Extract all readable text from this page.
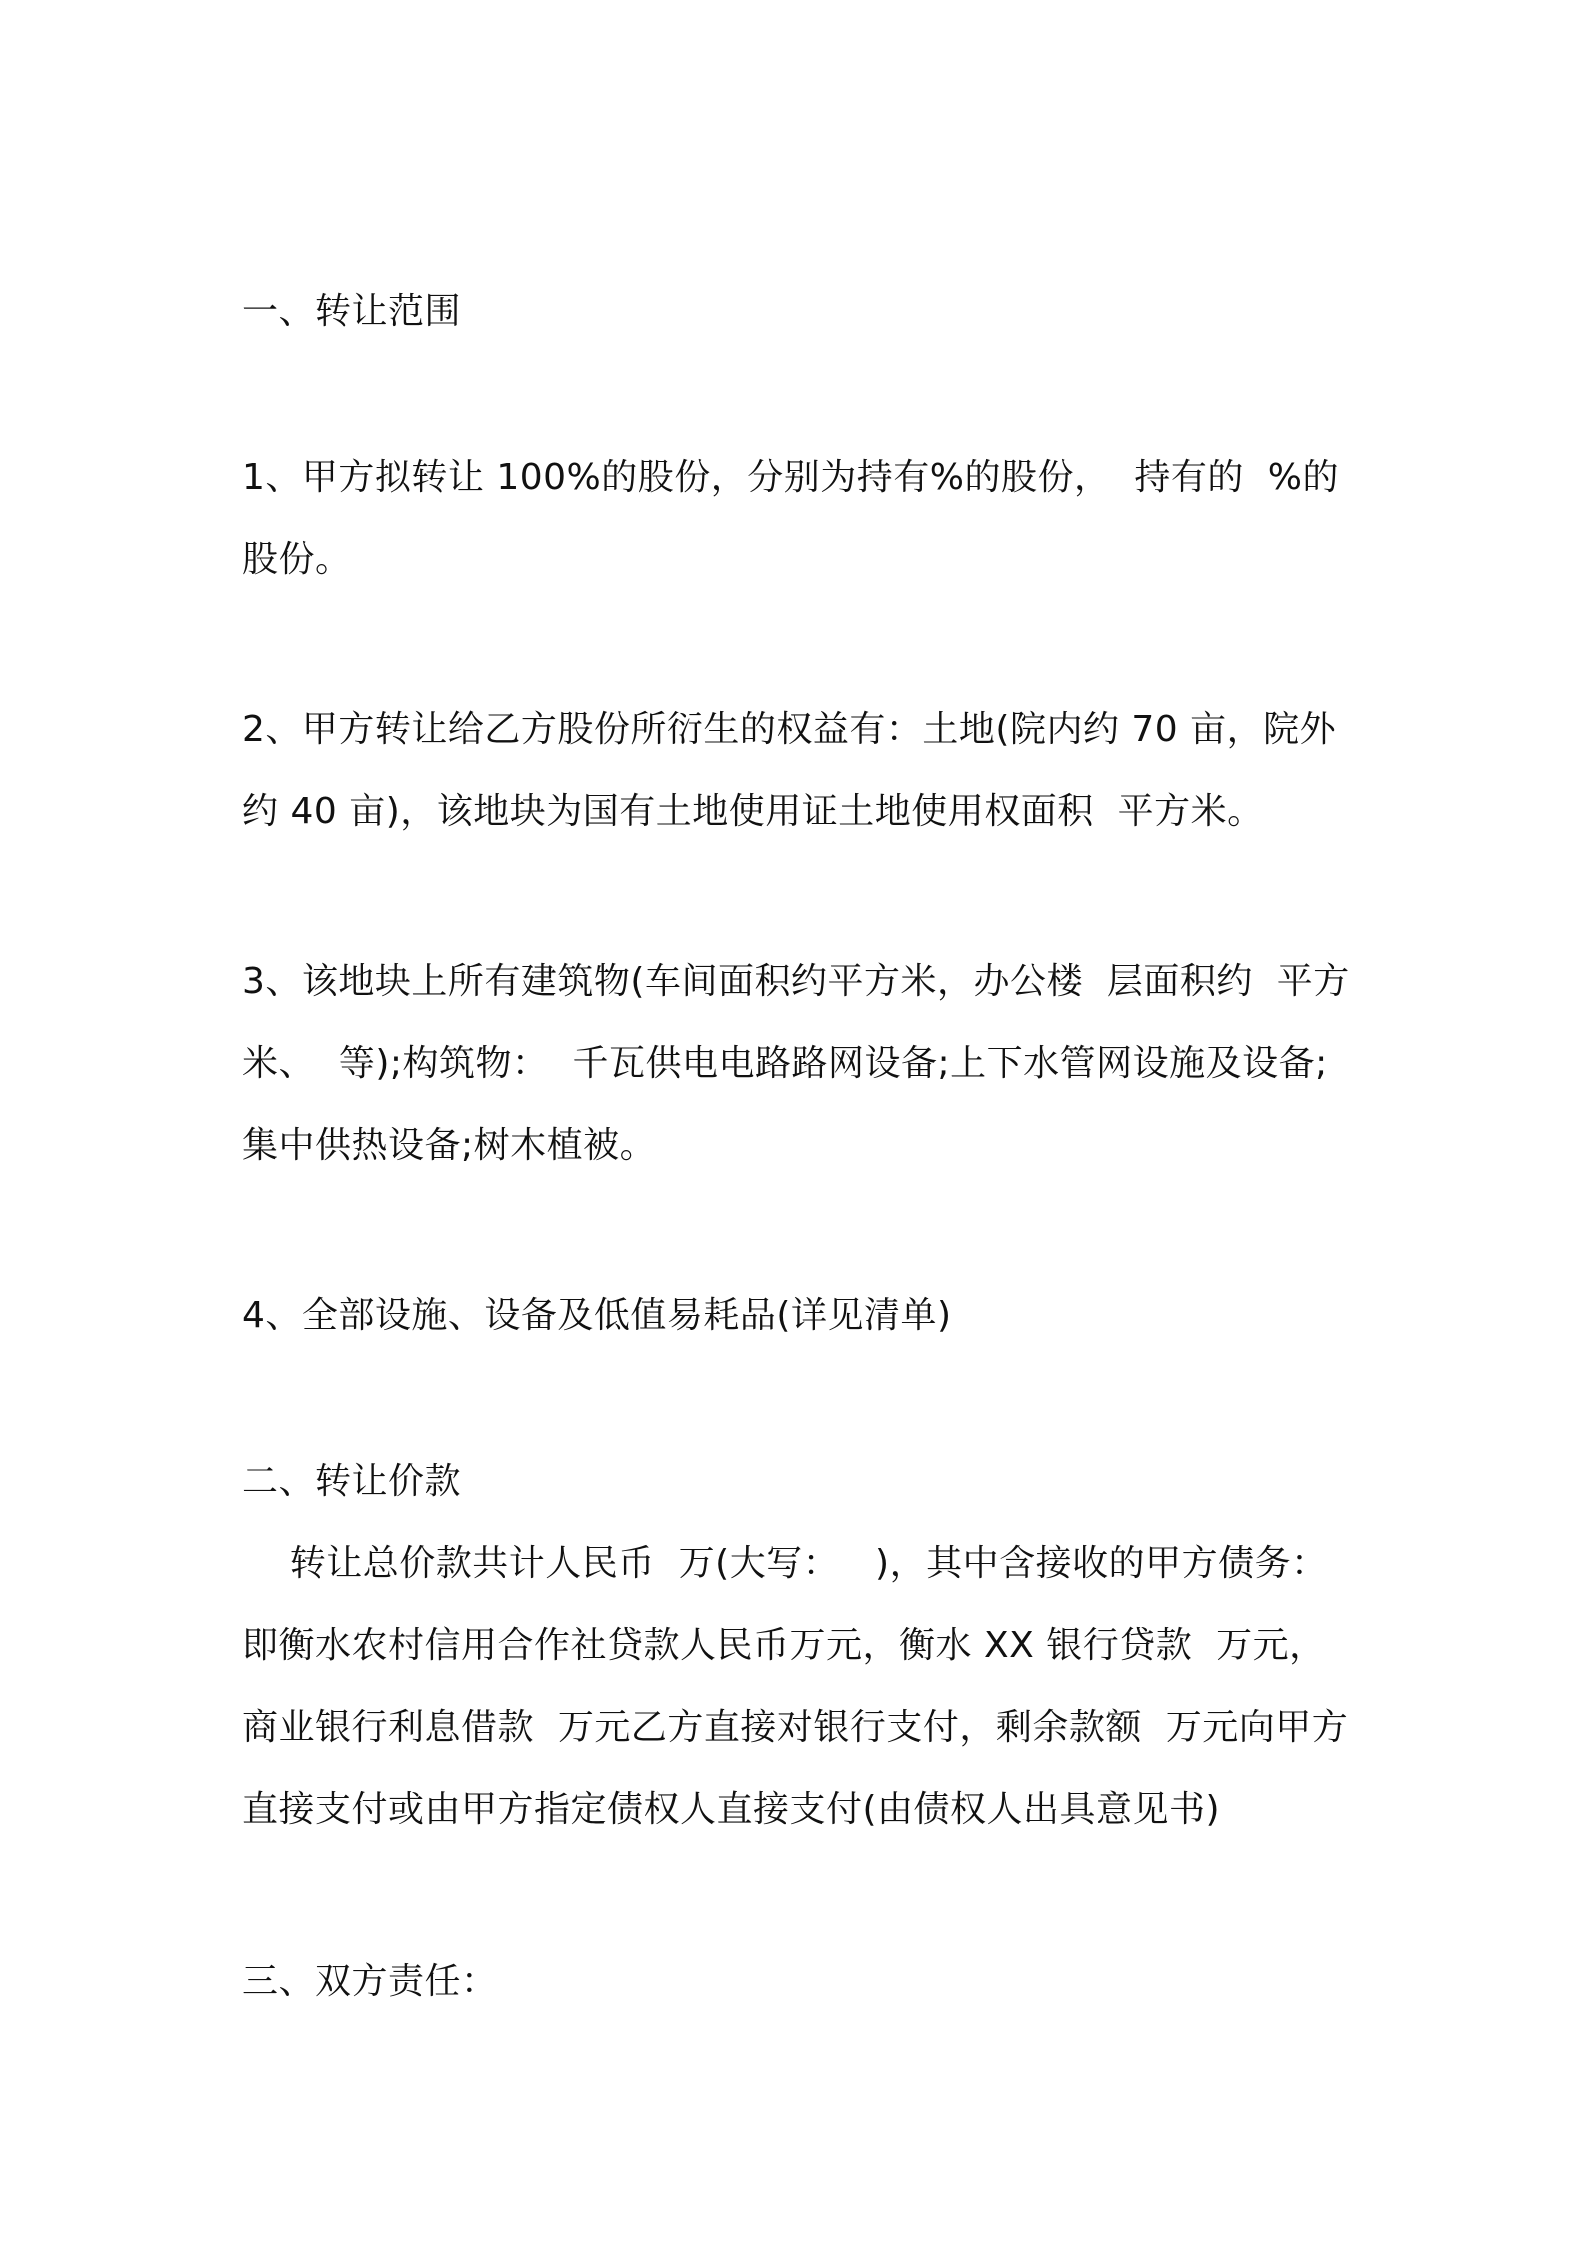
一、转让范围
1、甲方拟转让 100%的股份，分别为持有%的股份，  持有的  %的
股份。
2、甲方转让给乙方股份所衍生的权益有：土地(院内约 70 亩，院外
约 40 亩)，该地块为国有土地使用证土地使用权面积  平方米。
3、该地块上所有建筑物(车间面积约平方米，办公楼  层面积约  平方
米、  等);构筑物：  千瓦供电电路路网设备;上下水管网设施及设备;
集中供热设备;树木植被。
4、全部设施、设备及低值易耗品(详见清单)
二、转让价款
转让总价款共计人民币  万(大写：   )，其中含接收的甲方债务：
即衡水农村信用合作社贷款人民币万元，衡水 XX 银行贷款  万元，
商业银行利息借款  万元乙方直接对银行支付，剩余款额  万元向甲方
直接支付或由甲方指定债权人直接支付(由债权人出具意见书)
三、双方责任：
